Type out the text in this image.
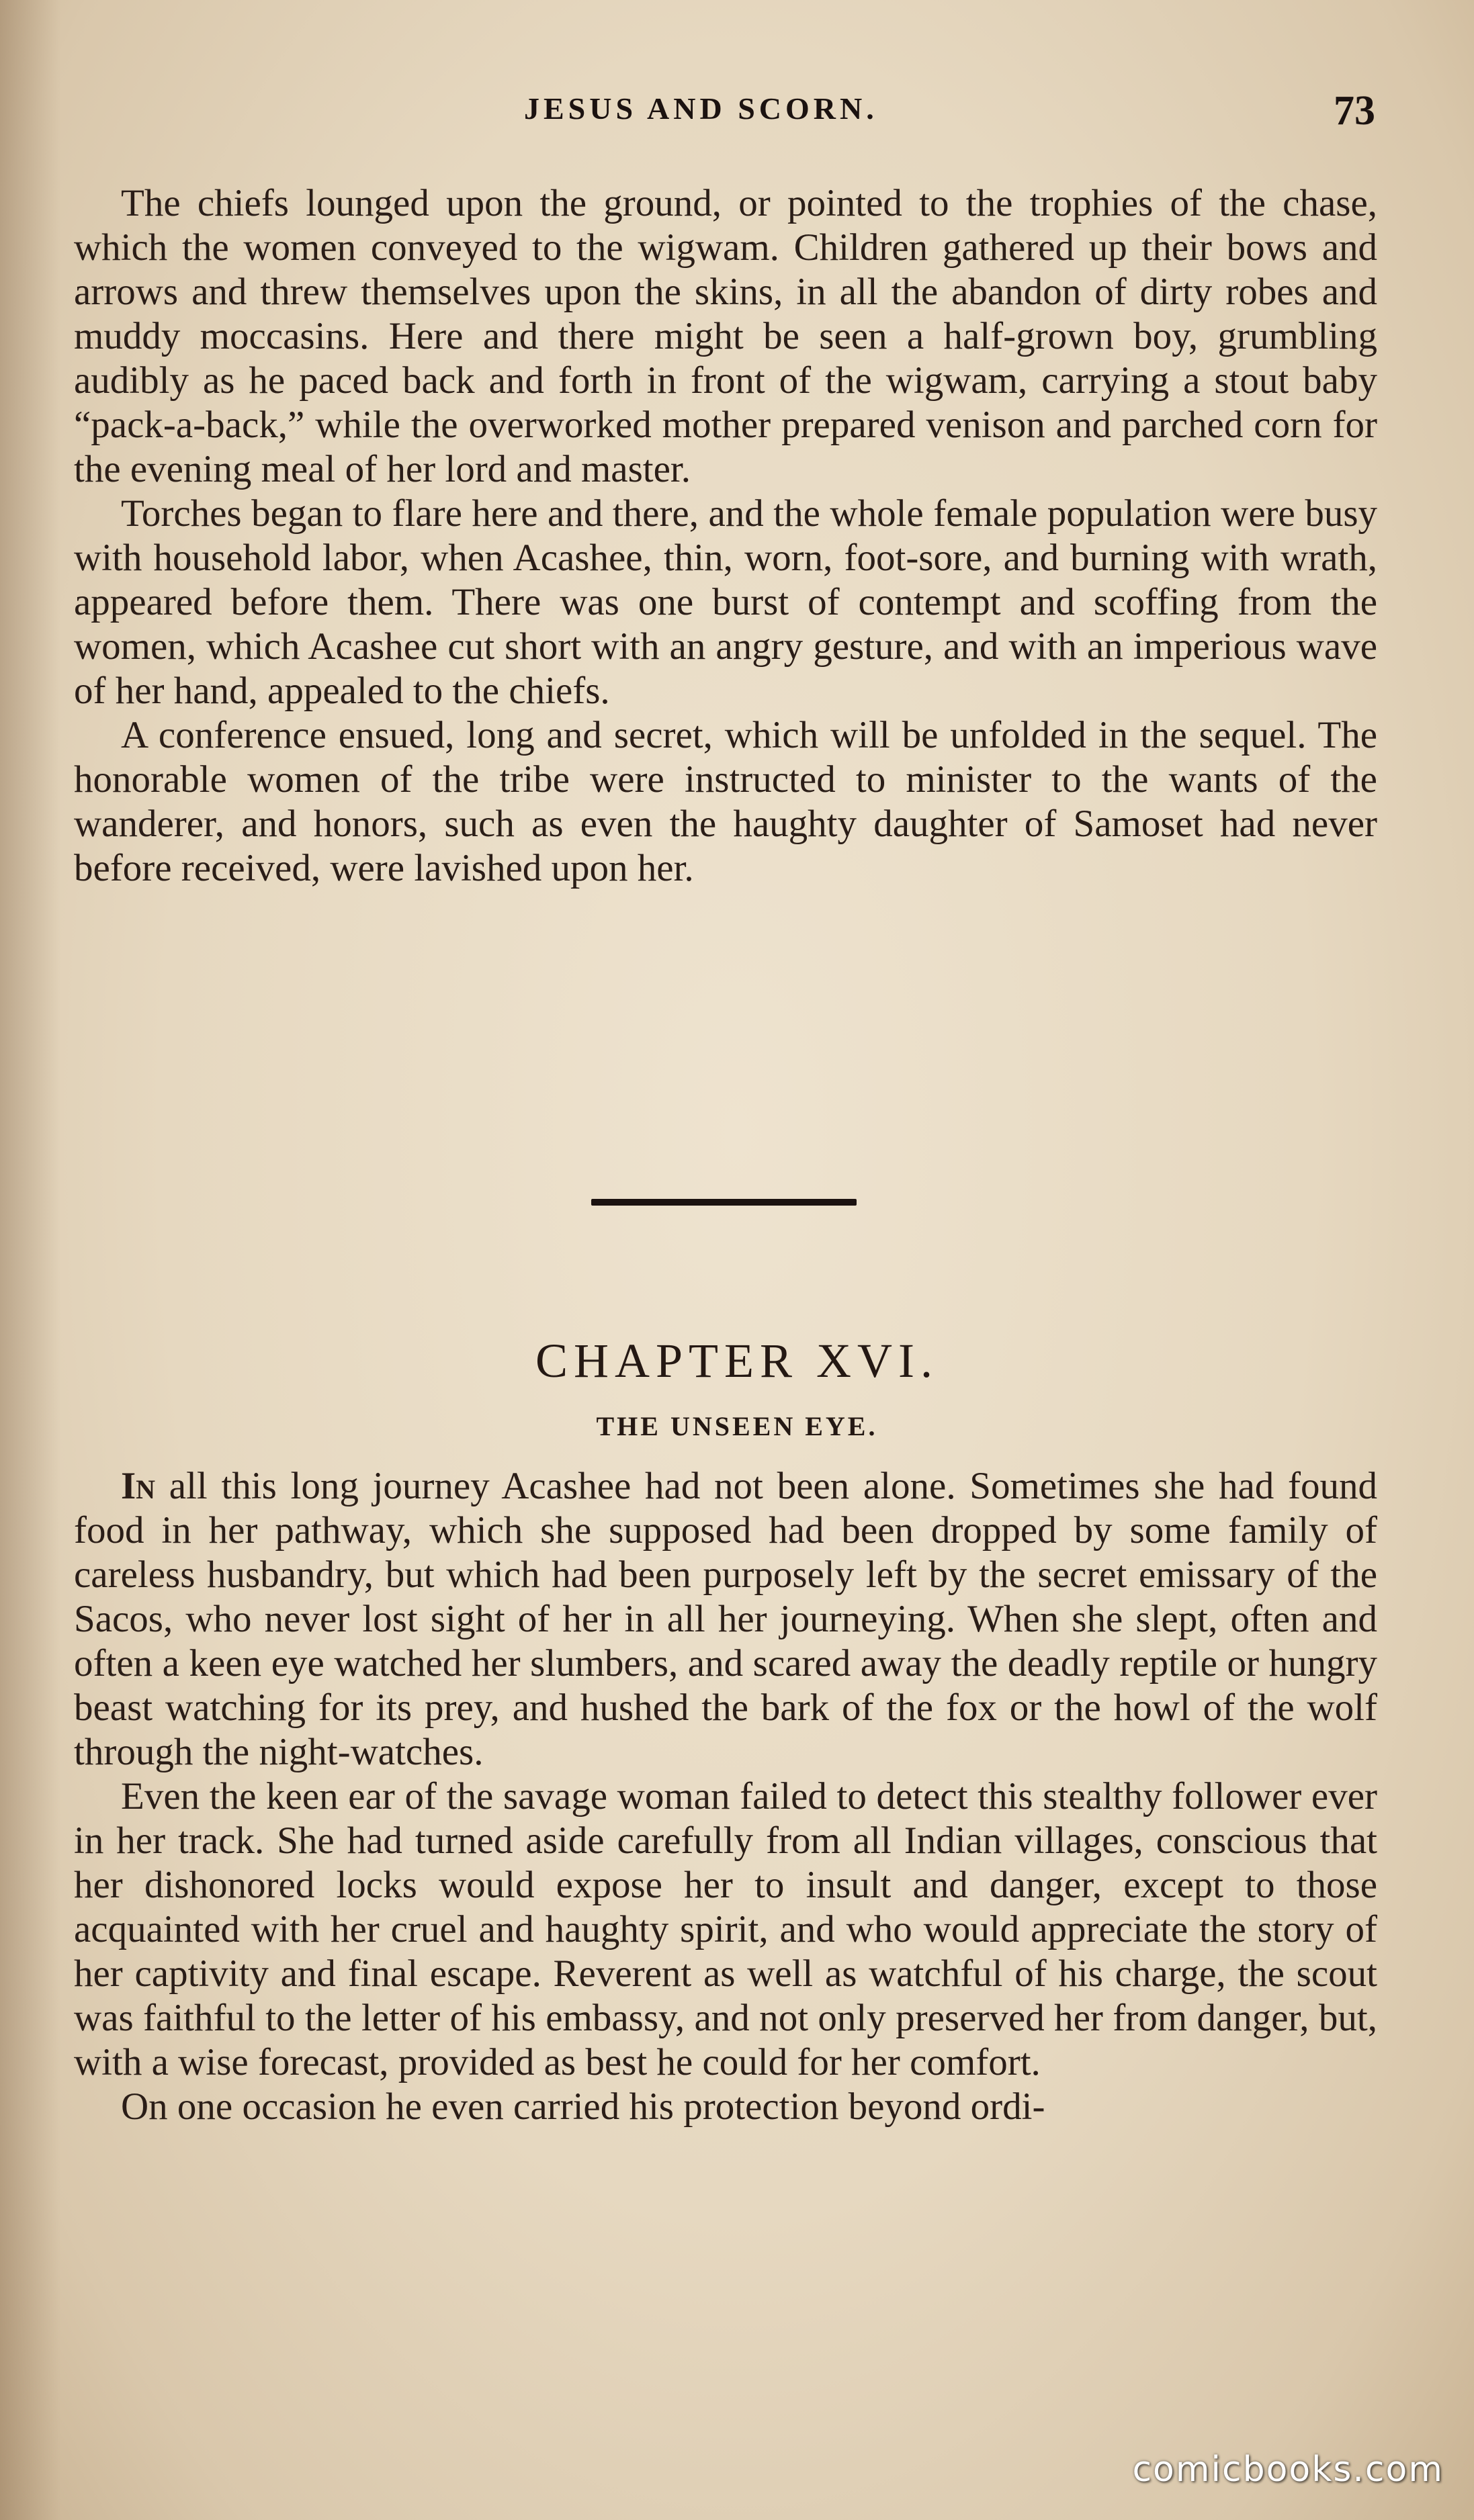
JESUS AND SCORN.	73

The chiefs lounged upon the ground, or pointed to the trophies of the chase, which the women conveyed to the wigwam. Children gathered up their bows and arrows and threw themselves upon the skins, in all the abandon of dirty robes and muddy moccasins. Here and there might be seen a half-grown boy, grumbling audibly as he paced back and forth in front of the wigwam, carrying a stout baby “pack-a-back,” while the overworked mother prepared venison and parched corn for the evening meal of her lord and master.

Torches began to flare here and there, and the whole female population were busy with household labor, when Acashee, thin, worn, foot-sore, and burning with wrath, appeared before them. There was one burst of contempt and scoffing from the women, which Acashee cut short with an angry gesture, and with an imperious wave of her hand, appealed to the chiefs.

A conference ensued, long and secret, which will be unfolded in the sequel. The honorable women of the tribe were instructed to minister to the wants of the wanderer, and honors, such as even the haughty daughter of Samoset had never before received, were lavished upon her.

CHAPTER XVI.
THE UNSEEN EYE.

In all this long journey Acashee had not been alone. Sometimes she had found food in her pathway, which she supposed had been dropped by some family of careless husbandry, but which had been purposely left by the secret emissary of the Sacos, who never lost sight of her in all her journeying. When she slept, often and often a keen eye watched her slumbers, and scared away the deadly reptile or hungry beast watching for its prey, and hushed the bark of the fox or the howl of the wolf through the night-watches.

Even the keen ear of the savage woman failed to detect this stealthy follower ever in her track. She had turned aside carefully from all Indian villages, conscious that her dishonored locks would expose her to insult and danger, except to those acquainted with her cruel and haughty spirit, and who would appreciate the story of her captivity and final escape. Reverent as well as watchful of his charge, the scout was faithful to the letter of his embassy, and not only preserved her from danger, but, with a wise forecast, provided as best he could for her comfort.

On one occasion he even carried his protection beyond ordi-

comicbooks.com
